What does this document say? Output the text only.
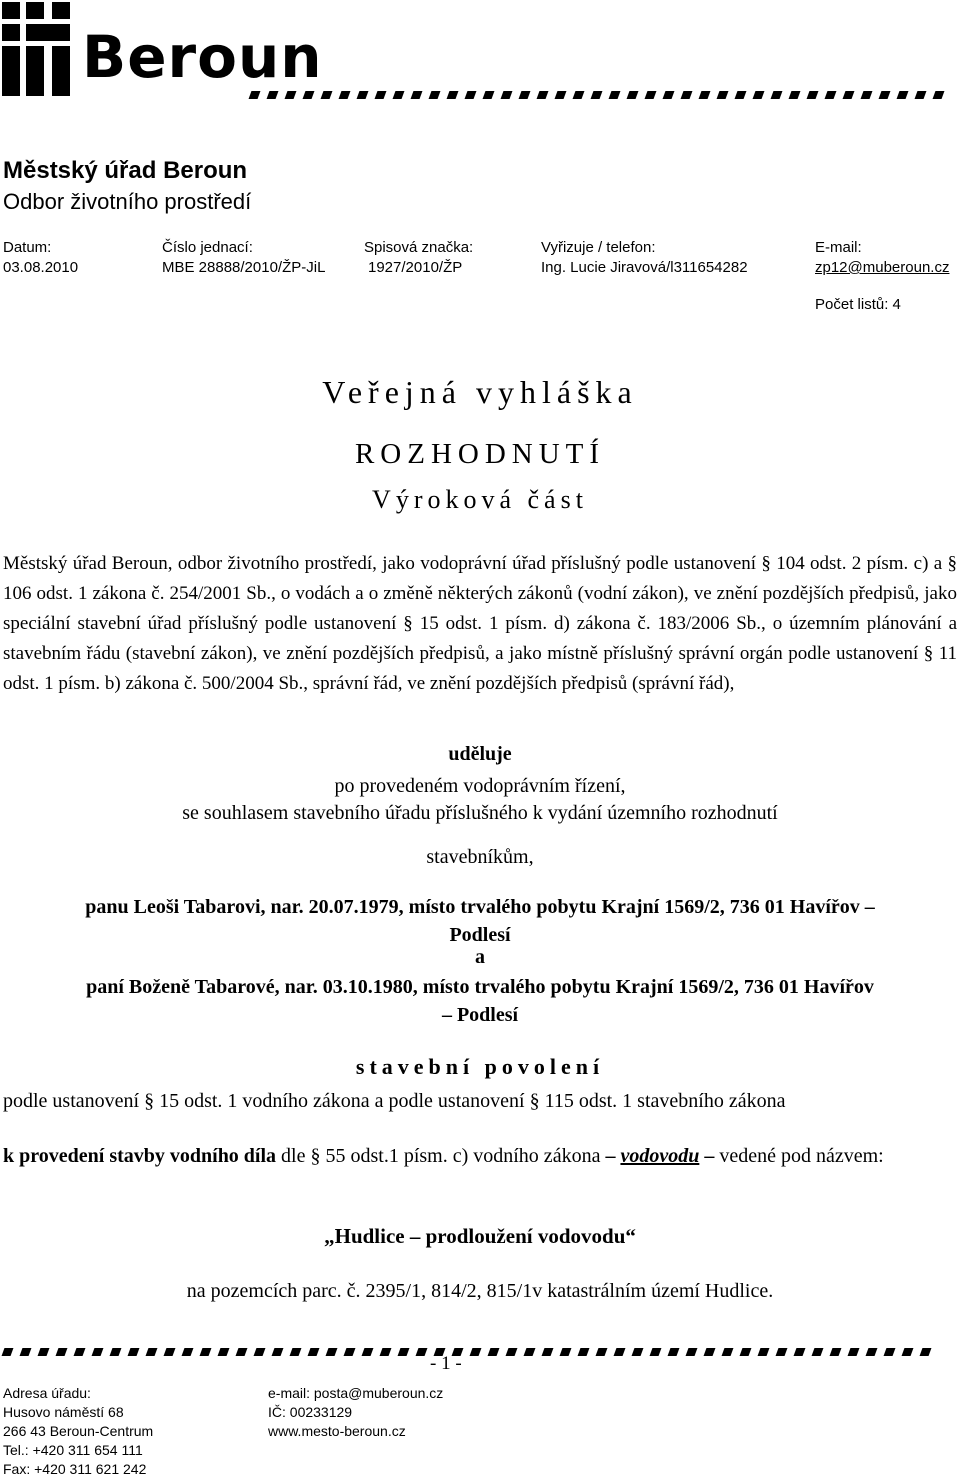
Beroun
Městský úřad Beroun
Odbor životního prostředí
Datum:
03.08.2010
Číslo jednací:
MBE 28888/2010/ŽP-JiL
Spisová značka:
1927/2010/ŽP
Vyřizuje / telefon:
Ing. Lucie Jiravová/l311654282
E-mail:
zp12@muberoun.cz
Počet listů: 4
Veřejná vyhláška
ROZHODNUTÍ
Výroková část
Městský úřad Beroun, odbor životního prostředí, jako vodoprávní úřad příslušný podle ustanovení § 104 odst. 2 písm. c) a § 106 odst. 1 zákona č. 254/2001 Sb., o vodách a o změně některých zákonů (vodní zákon), ve znění pozdějších předpisů, jako speciální stavební úřad příslušný podle ustanovení § 15 odst. 1 písm. d) zákona č. 183/2006 Sb., o územním plánování a stavebním řádu (stavební zákon), ve znění pozdějších předpisů, a jako místně příslušný správní orgán podle ustanovení § 11 odst. 1 písm. b) zákona č. 500/2004 Sb., správní řád, ve znění pozdějších předpisů (správní řád),
uděluje
po provedeném vodoprávním řízení,
se souhlasem stavebního úřadu příslušného k vydání územního rozhodnutí
stavebníkům,
panu Leoši Tabarovi, nar. 20.07.1979, místo trvalého pobytu Krajní 1569/2, 736 01 Havířov –
Podlesí
a
paní Boženě Tabarové, nar. 03.10.1980, místo trvalého pobytu Krajní 1569/2, 736 01 Havířov
– Podlesí
stavební povolení
podle ustanovení § 15 odst. 1 vodního zákona a podle ustanovení § 115 odst. 1 stavebního zákona
k provedení stavby vodního díla dle § 55 odst.1 písm. c) vodního zákona – vodovodu – vedené pod názvem:
„Hudlice – prodloužení vodovodu“
na pozemcích parc. č. 2395/1, 814/2, 815/1v katastrálním území Hudlice.
- 1 -
Adresa úřadu:
Husovo náměstí 68
266 43 Beroun-Centrum
Tel.: +420 311 654 111
Fax: +420 311 621 242
e-mail: posta@muberoun.cz
IČ: 00233129
www.mesto-beroun.cz
